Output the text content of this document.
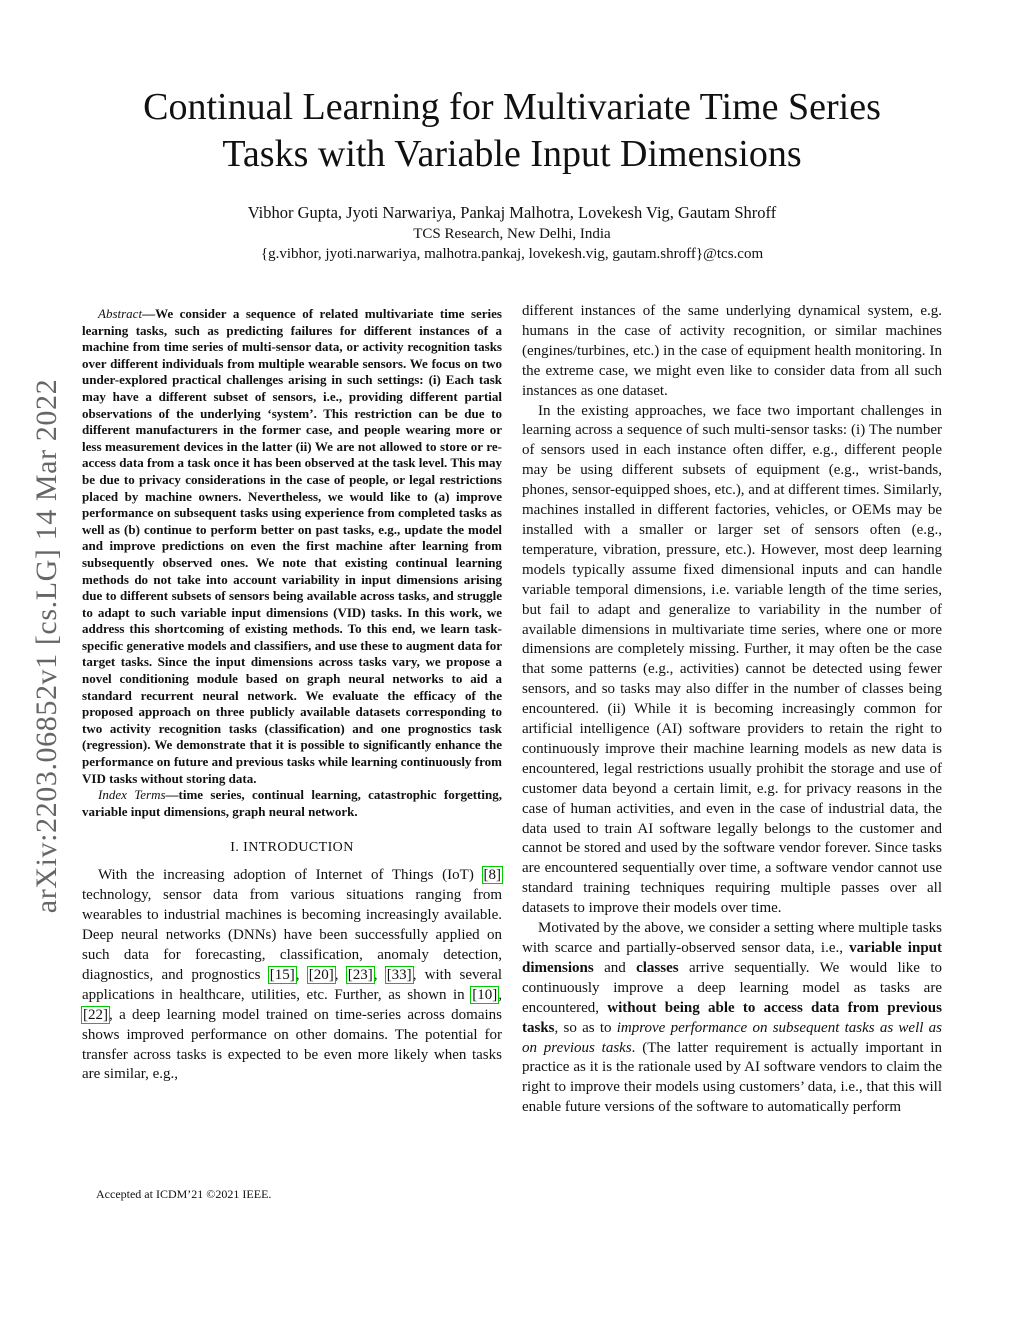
arXiv:2203.06852v1 [cs.LG] 14 Mar 2022
Continual Learning for Multivariate Time Series
Tasks with Variable Input Dimensions
Vibhor Gupta, Jyoti Narwariya, Pankaj Malhotra, Lovekesh Vig, Gautam Shroff
TCS Research, New Delhi, India
{g.vibhor, jyoti.narwariya, malhotra.pankaj, lovekesh.vig, gautam.shroff}@tcs.com

Abstract—We consider a sequence of related multivariate time series learning tasks, such as predicting failures for different instances of a machine from time series of multi-sensor data, or activity recognition tasks over different individuals from multiple wearable sensors. We focus on two under-explored practical challenges arising in such settings: (i) Each task may have a different subset of sensors, i.e., providing different partial observations of the underlying ‘system’. This restriction can be due to different manufacturers in the former case, and people wearing more or less measurement devices in the latter (ii) We are not allowed to store or re-access data from a task once it has been observed at the task level. This may be due to privacy considerations in the case of people, or legal restrictions placed by machine owners. Nevertheless, we would like to (a) improve performance on subsequent tasks using experience from completed tasks as well as (b) continue to perform better on past tasks, e.g., update the model and improve predictions on even the first machine after learning from subsequently observed ones. We note that existing continual learning methods do not take into account variability in input dimensions arising due to different subsets of sensors being available across tasks, and struggle to adapt to such variable input dimensions (VID) tasks. In this work, we address this shortcoming of existing methods. To this end, we learn task-specific generative models and classifiers, and use these to augment data for target tasks. Since the input dimensions across tasks vary, we propose a novel conditioning module based on graph neural networks to aid a standard recurrent neural network. We evaluate the efficacy of the proposed approach on three publicly available datasets corresponding to two activity recognition tasks (classification) and one prognostics task (regression). We demonstrate that it is possible to significantly enhance the performance on future and previous tasks while learning continuously from VID tasks without storing data.

Index Terms—time series, continual learning, catastrophic forgetting, variable input dimensions, graph neural network.

I. INTRODUCTION

With the increasing adoption of Internet of Things (IoT) [8] technology, sensor data from various situations ranging from wearables to industrial machines is becoming increasingly available. Deep neural networks (DNNs) have been successfully applied on such data for forecasting, classification, anomaly detection, diagnostics, and prognostics [15], [20], [23], [33], with several applications in healthcare, utilities, etc. Further, as shown in [10], [22], a deep learning model trained on time-series across domains shows improved performance on other domains. The potential for transfer across tasks is expected to be even more likely when tasks are similar, e.g.,

different instances of the same underlying dynamical system, e.g. humans in the case of activity recognition, or similar machines (engines/turbines, etc.) in the case of equipment health monitoring. In the extreme case, we might even like to consider data from all such instances as one dataset.

In the existing approaches, we face two important challenges in learning across a sequence of such multi-sensor tasks: (i) The number of sensors used in each instance often differ, e.g., different people may be using different subsets of equipment (e.g., wrist-bands, phones, sensor-equipped shoes, etc.), and at different times. Similarly, machines installed in different factories, vehicles, or OEMs may be installed with a smaller or larger set of sensors often (e.g., temperature, vibration, pressure, etc.). However, most deep learning models typically assume fixed dimensional inputs and can handle variable temporal dimensions, i.e. variable length of the time series, but fail to adapt and generalize to variability in the number of available dimensions in multivariate time series, where one or more dimensions are completely missing. Further, it may often be the case that some patterns (e.g., activities) cannot be detected using fewer sensors, and so tasks may also differ in the number of classes being encountered. (ii) While it is becoming increasingly common for artificial intelligence (AI) software providers to retain the right to continuously improve their machine learning models as new data is encountered, legal restrictions usually prohibit the storage and use of customer data beyond a certain limit, e.g. for privacy reasons in the case of human activities, and even in the case of industrial data, the data used to train AI software legally belongs to the customer and cannot be stored and used by the software vendor forever. Since tasks are encountered sequentially over time, a software vendor cannot use standard training techniques requiring multiple passes over all datasets to improve their models over time.

Motivated by the above, we consider a setting where multiple tasks with scarce and partially-observed sensor data, i.e., variable input dimensions and classes arrive sequentially. We would like to continuously improve a deep learning model as tasks are encountered, without being able to access data from previous tasks, so as to improve performance on subsequent tasks as well as on previous tasks. (The latter requirement is actually important in practice as it is the rationale used by AI software vendors to claim the right to improve their models using customers’ data, i.e., that this will enable future versions of the software to automatically perform

Accepted at ICDM’21 ©2021 IEEE.
